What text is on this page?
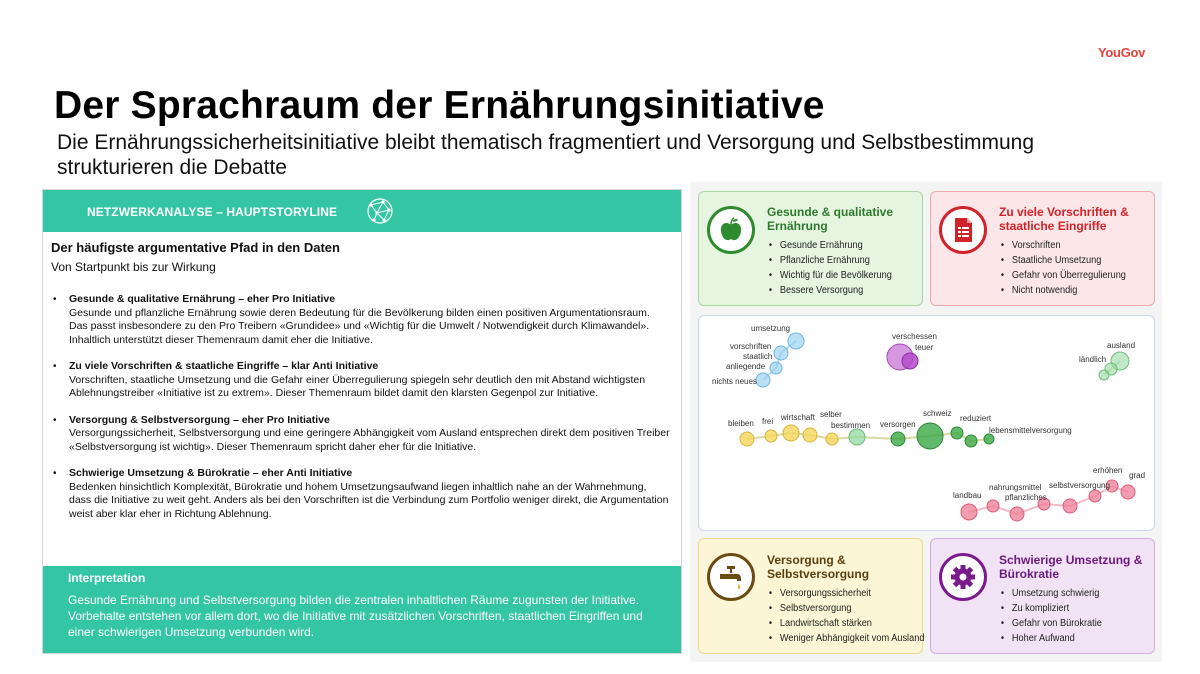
YouGov
Der Sprachraum der Ernährungsinitiative
Die Ernährungssicherheitsinitiative bleibt thematisch fragmentiert und Versorgung und Selbstbestimmung strukturieren die Debatte
NETZWERKANALYSE – HAUPTSTORYLINE
Der häufigste argumentative Pfad in den Daten
Von Startpunkt bis zur Wirkung
• Gesunde & qualitative Ernährung – eher Pro Initiative
Gesunde und pflanzliche Ernährung sowie deren Bedeutung für die Bevölkerung bilden einen positiven Argumentationsraum. Das passt insbesondere zu den Pro Treibern «Grundidee» und «Wichtig für die Umwelt / Notwendigkeit durch Klimawandel». Inhaltlich unterstützt dieser Themenraum damit eher die Initiative.
• Zu viele Vorschriften & staatliche Eingriffe – klar Anti Initiative
Vorschriften, staatliche Umsetzung und die Gefahr einer Überregulierung spiegeln sehr deutlich den mit Abstand wichtigsten Ablehnungstreiber «Initiative ist zu extrem». Dieser Themenraum bildet damit den klarsten Gegenpol zur Initiative.
• Versorgung & Selbstversorgung – eher Pro Initiative
Versorgungssicherheit, Selbstversorgung und eine geringere Abhängigkeit vom Ausland entsprechen direkt dem positiven Treiber «Selbstversorgung ist wichtig». Dieser Themenraum spricht daher eher für die Initiative.
• Schwierige Umsetzung & Bürokratie – eher Anti Initiative
Bedenken hinsichtlich Komplexität, Bürokratie und hohem Umsetzungsaufwand liegen inhaltlich nahe an der Wahrnehmung, dass die Initiative zu weit geht. Anders als bei den Vorschriften ist die Verbindung zum Portfolio weniger direkt, die Argumentation weist aber klar eher in Richtung Ablehnung.
Interpretation
Gesunde Ernährung und Selbstversorgung bilden die zentralen inhaltlichen Räume zugunsten der Initiative. Vorbehalte entstehen vor allem dort, wo die Initiative mit zusätzlichen Vorschriften, staatlichen Eingriffen und einer schwierigen Umsetzung verbunden wird.
Gesunde & qualitative Ernährung
• Gesunde Ernährung
• Pflanzliche Ernährung
• Wichtig für die Bevölkerung
• Bessere Versorgung
Zu viele Vorschriften & staatliche Eingriffe
• Vorschriften
• Staatliche Umsetzung
• Gefahr von Überregulierung
• Nicht notwendig
umsetzung
vorschriften
staatlich
anliegende
nichts neues
verschessen
teuer	ausland
ländlich
bleiben frei wirtschaft selber
bestimmen versorgen
schweiz
reduziert
lebensmittelversorgung
landbau
nahrungsmittel
pflanzliches
selbstversorgung
erhöhen
grad
Versorgung & Selbstversorgung
• Versorgungssicherheit
• Selbstversorgung
• Landwirtschaft stärken
• Weniger Abhängigkeit vom Ausland
Schwierige Umsetzung & Bürokratie
• Umsetzung schwierig
• Zu kompliziert
• Gefahr von Bürokratie
• Hoher Aufwand
